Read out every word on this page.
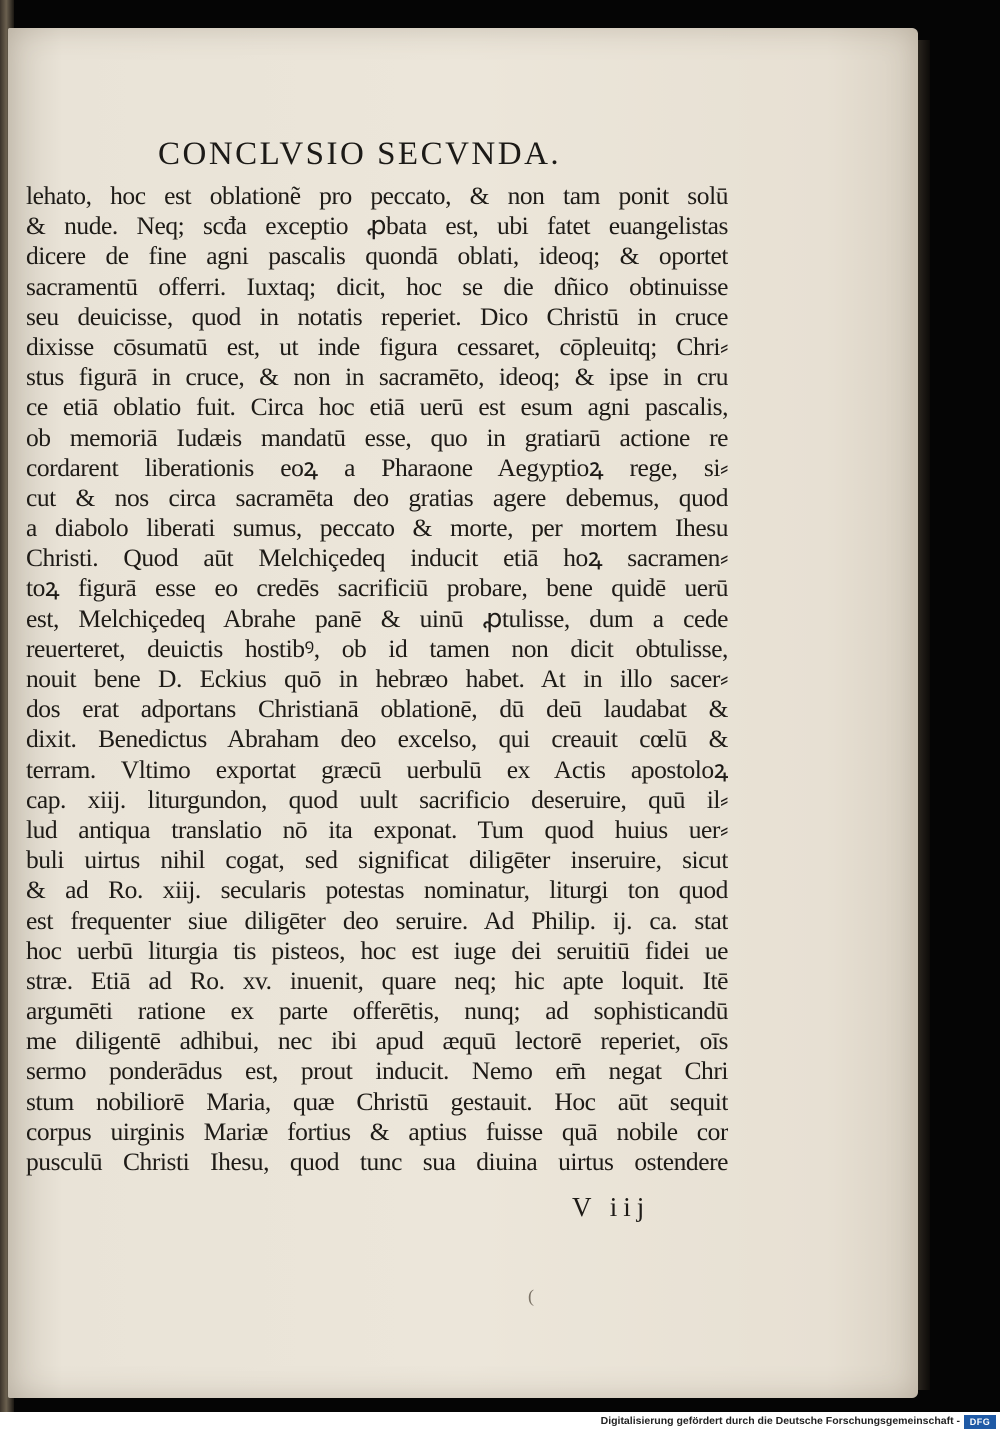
CONCLVSIO SECVNDA.
lehato, hoc est oblationẽ pro peccato, & non tam ponit solū
& nude. Neq; scđa exceptio ꝓbata est, ubi fatet euangelistas
dicere de fine agni pascalis quondā oblati, ideoq; & oportet
sacramentū offerri. Iuxtaq; dicit, hoc se die dñico obtinuisse
seu deuicisse, quod in notatis reperiet. Dico Christū in cruce
dixisse cōsumatū est, ut inde figura cessaret, cōpleuitq; Chri⸗
stus figurā in cruce, & non in sacramēto, ideoq; & ipse in cru
ce etiā oblatio fuit. Circa hoc etiā uerū est esum agni pascalis,
ob memoriā Iudæis mandatū esse, quo in gratiarū actione re
cordarent liberationis eoꝝ a Pharaone Aegyptioꝝ rege, si⸗
cut & nos circa sacramēta deo gratias agere debemus, quod
a diabolo liberati sumus, peccato & morte, per mortem Ihesu
Christi. Quod aūt Melchiçedeq inducit etiā hoꝝ sacramen⸗
toꝝ figurā esse eo credēs sacrificiū probare, bene quidē uerū
est, Melchiçedeq Abrahe panē & uinū ꝓtulisse, dum a cede
reuerteret, deuictis hostibꝰ, ob id tamen non dicit obtulisse,
nouit bene D. Eckius quō in hebræo habet. At in illo sacer⸗
dos erat adportans Christianā oblationē, dū deū laudabat &
dixit. Benedictus Abraham deo excelso, qui creauit cœlū &
terram. Vltimo exportat græcū uerbulū ex Actis apostoloꝝ
cap. xiij. liturgundon, quod uult sacrificio deseruire, quū il⸗
lud antiqua translatio nō ita exponat. Tum quod huius uer⸗
buli uirtus nihil cogat, sed significat diligēter inseruire, sicut
& ad Ro. xiij. secularis potestas nominatur, liturgi ton quod
est frequenter siue diligēter deo seruire. Ad Philip. ij. ca. stat
hoc uerbū liturgia tis pisteos, hoc est iuge dei seruitiū fidei ue
stræ. Etiā ad Ro. xv. inuenit, quare neq; hic apte loquit. Itē
argumēti ratione ex parte offerētis, nunq; ad sophisticandū
me diligentē adhibui, nec ibi apud æquū lectorē reperiet, oīs
sermo ponderādus est, prout inducit. Nemo em̄ negat Chri
stum nobiliorē Maria, quæ Christū gestauit. Hoc aūt sequit
corpus uirginis Mariæ fortius & aptius fuisse quā nobile cor
pusculū Christi Ihesu, quod tunc sua diuina uirtus ostendere
V iij
(
Digitalisierung gefördert durch die Deutsche Forschungsgemeinschaft -	DFG
